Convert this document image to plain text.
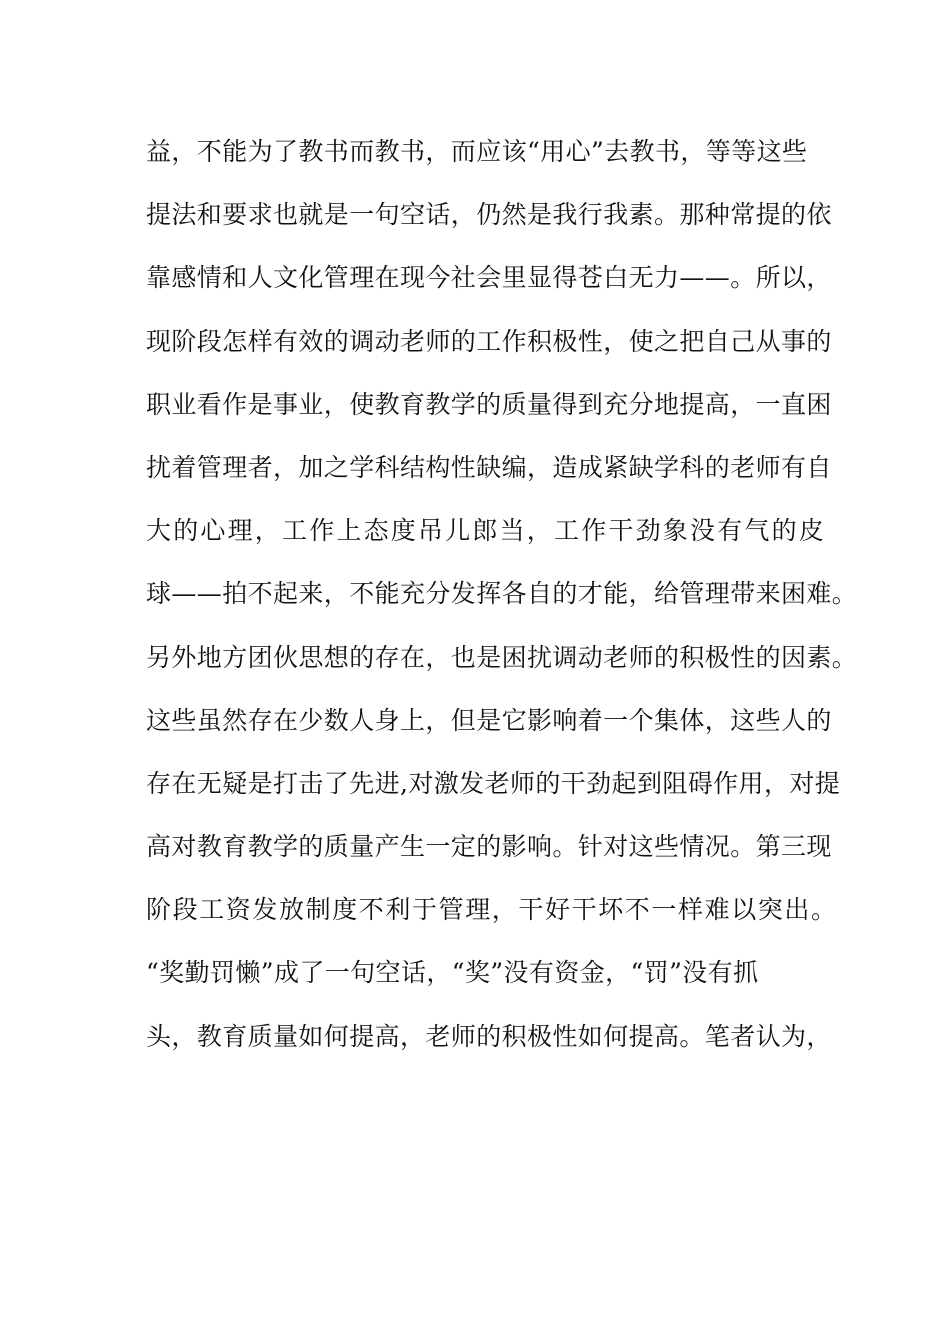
益，不能为了教书而教书，而应该“用心”去教书，等等这些
提法和要求也就是一句空话，仍然是我行我素。那种常提的依
靠感情和人文化管理在现今社会里显得苍白无力——。所以，
现阶段怎样有效的调动老师的工作积极性，使之把自己从事的
职业看作是事业，使教育教学的质量得到充分地提高，一直困
扰着管理者，加之学科结构性缺编，造成紧缺学科的老师有自
大的心理，工作上态度吊儿郎当，工作干劲象没有气的皮
球——拍不起来，不能充分发挥各自的才能，给管理带来困难。
另外地方团伙思想的存在，也是困扰调动老师的积极性的因素。
这些虽然存在少数人身上，但是它影响着一个集体，这些人的
存在无疑是打击了先进,对激发老师的干劲起到阻碍作用，对提
高对教育教学的质量产生一定的影响。针对这些情况。第三现
阶段工资发放制度不利于管理，干好干坏不一样难以突出。
“奖勤罚懒”成了一句空话，“奖”没有资金，“罚”没有抓
头，教育质量如何提高，老师的积极性如何提高。笔者认为，
